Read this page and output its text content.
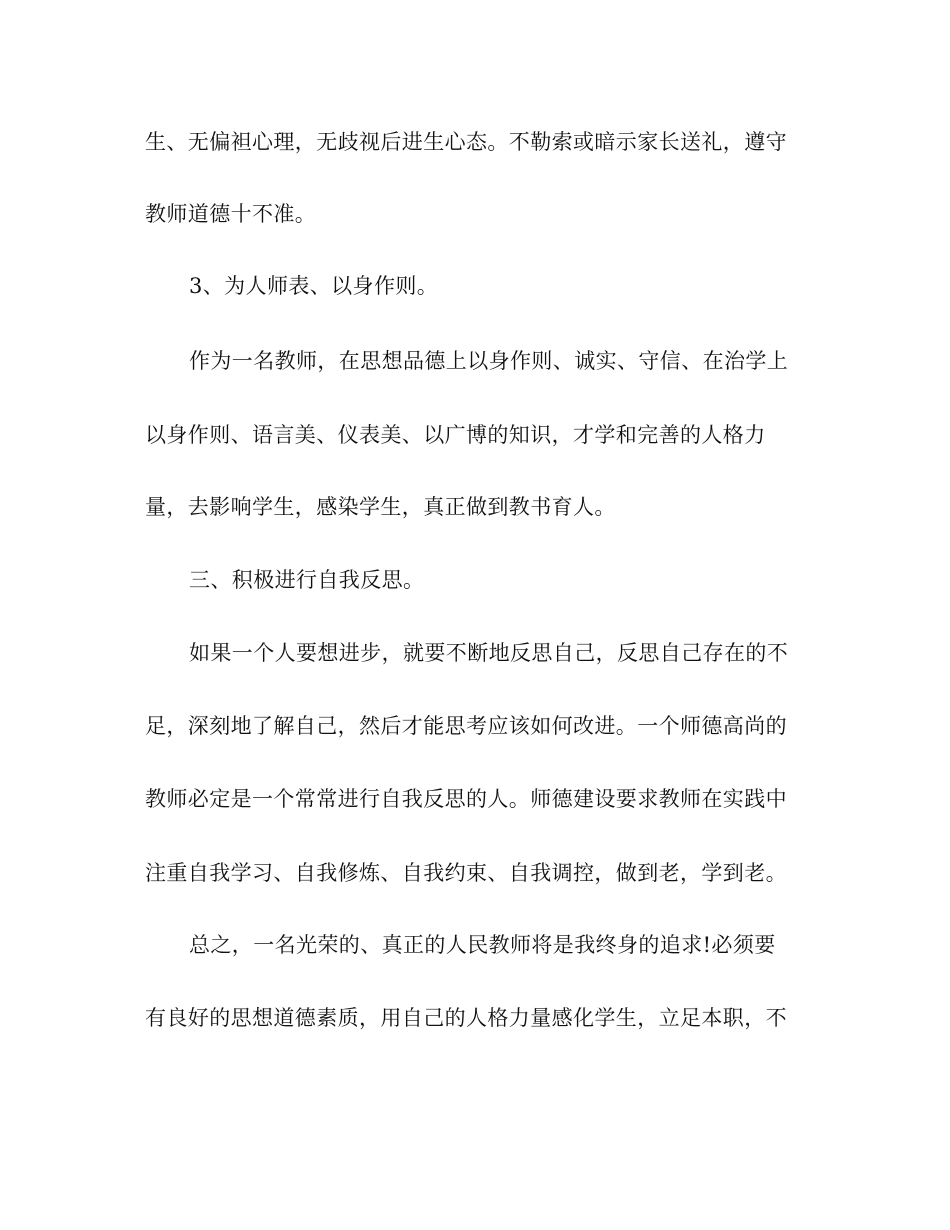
生、无偏袒心理，无歧视后进生心态。不勒索或暗示家长送礼，遵守
教师道德十不准。
3、为人师表、以身作则。
作为一名教师，在思想品德上以身作则、诚实、守信、在治学上
以身作则、语言美、仪表美、以广博的知识，才学和完善的人格力
量，去影响学生，感染学生，真正做到教书育人。
三、积极进行自我反思。
如果一个人要想进步，就要不断地反思自己，反思自己存在的不
足，深刻地了解自己，然后才能思考应该如何改进。一个师德高尚的
教师必定是一个常常进行自我反思的人。师德建设要求教师在实践中
注重自我学习、自我修炼、自我约束、自我调控，做到老，学到老。
总之，一名光荣的、真正的人民教师将是我终身的追求!必须要
有良好的思想道德素质，用自己的人格力量感化学生，立足本职，不
